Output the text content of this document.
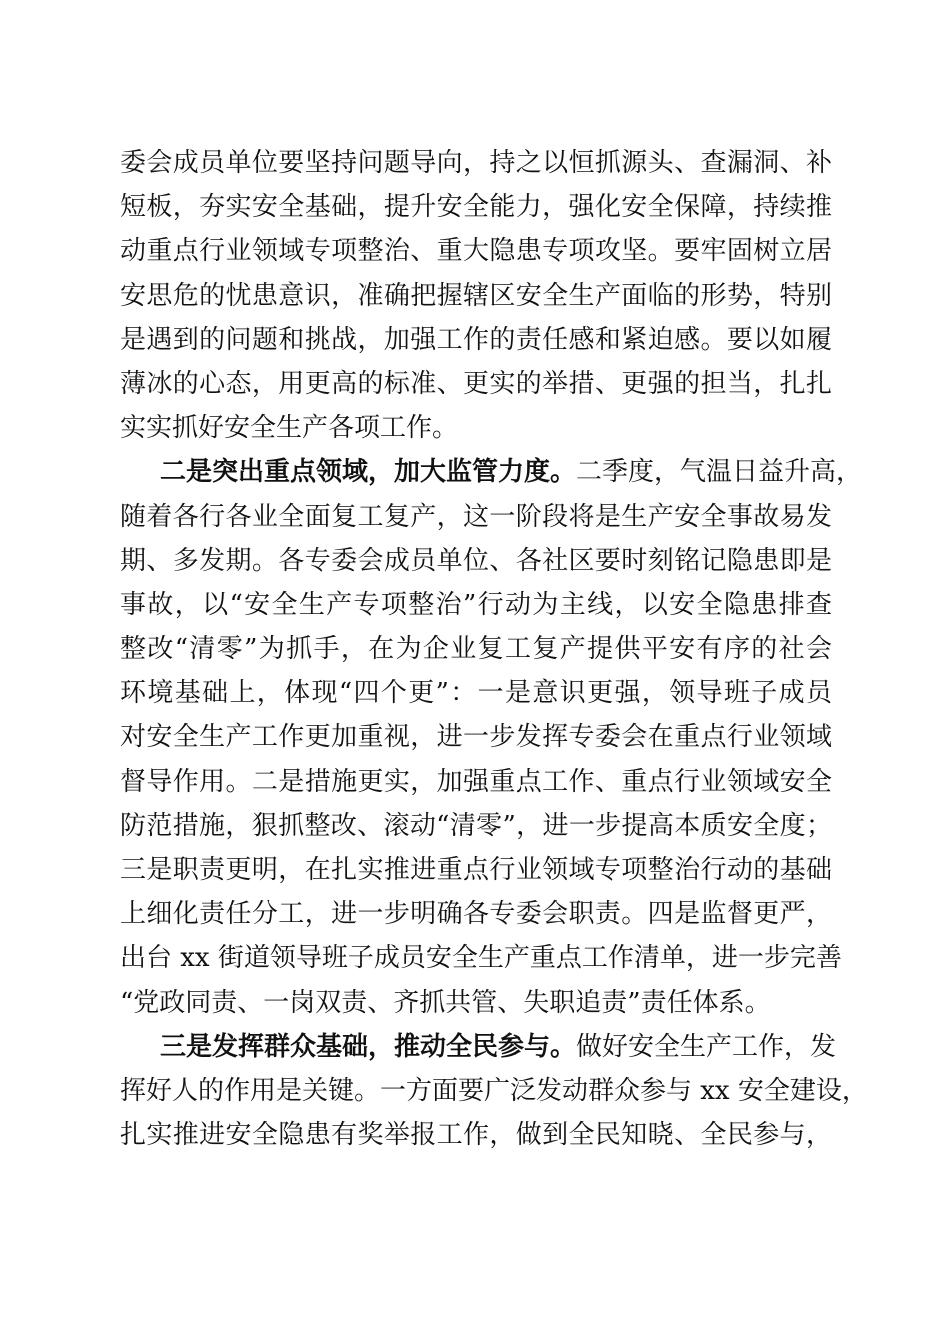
委会成员单位要坚持问题导向，持之以恒抓源头、查漏洞、补
短板，夯实安全基础，提升安全能力，强化安全保障，持续推
动重点行业领域专项整治、重大隐患专项攻坚。要牢固树立居
安思危的忧患意识，准确把握辖区安全生产面临的形势，特别
是遇到的问题和挑战，加强工作的责任感和紧迫感。要以如履
薄冰的心态，用更高的标准、更实的举措、更强的担当，扎扎
实实抓好安全生产各项工作。
二是突出重点领域，加大监管力度。二季度，气温日益升高，
随着各行各业全面复工复产，这一阶段将是生产安全事故易发
期、多发期。各专委会成员单位、各社区要时刻铭记隐患即是
事故，以“安全生产专项整治”行动为主线，以安全隐患排查
整改“清零”为抓手，在为企业复工复产提供平安有序的社会
环境基础上，体现“四个更”：一是意识更强，领导班子成员
对安全生产工作更加重视，进一步发挥专委会在重点行业领域
督导作用。二是措施更实，加强重点工作、重点行业领域安全
防范措施，狠抓整改、滚动“清零”，进一步提高本质安全度；
三是职责更明，在扎实推进重点行业领域专项整治行动的基础
上细化责任分工，进一步明确各专委会职责。四是监督更严，
出台 xx 街道领导班子成员安全生产重点工作清单，进一步完善
“党政同责、一岗双责、齐抓共管、失职追责”责任体系。
三是发挥群众基础，推动全民参与。做好安全生产工作，发
挥好人的作用是关键。一方面要广泛发动群众参与 xx 安全建设，
扎实推进安全隐患有奖举报工作，做到全民知晓、全民参与，
